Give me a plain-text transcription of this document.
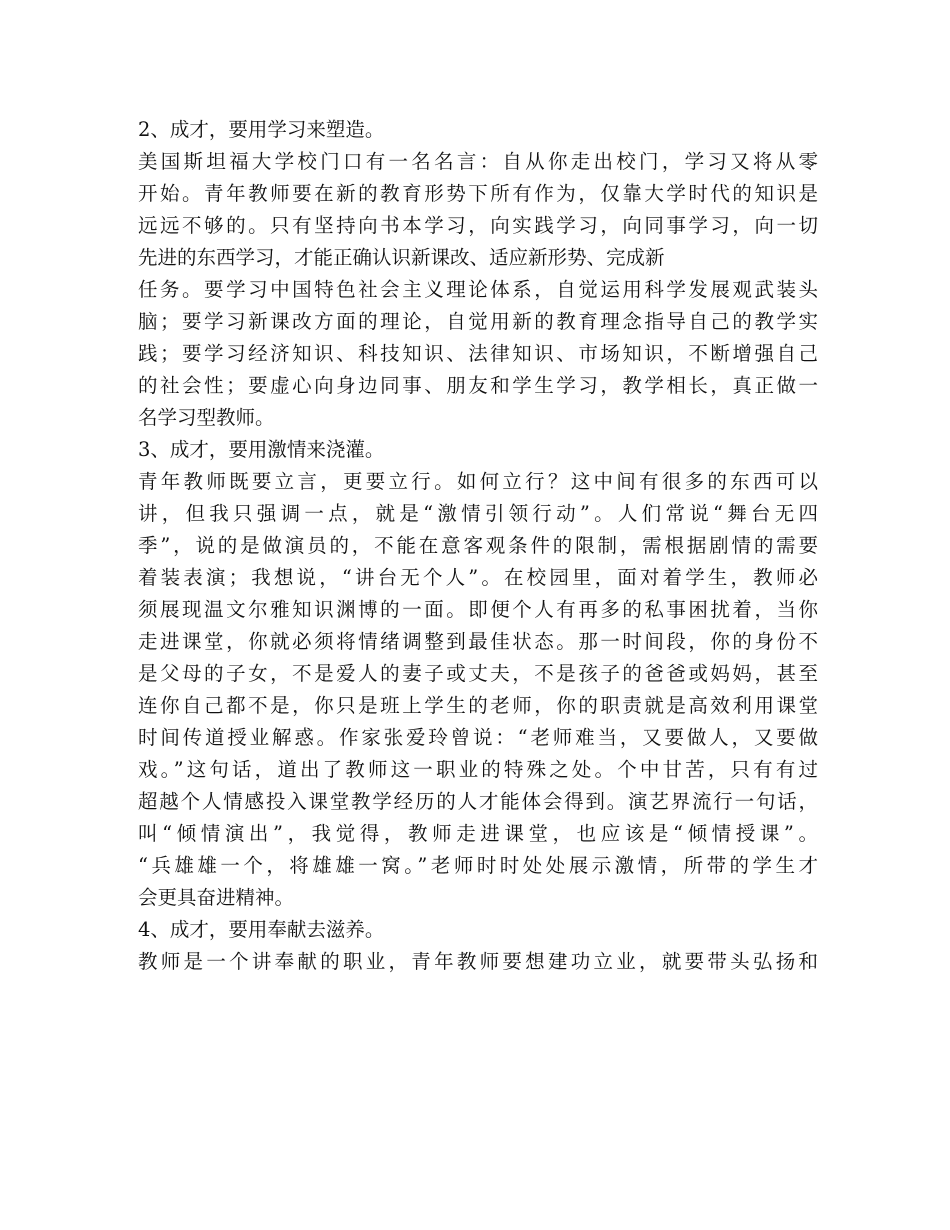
2、成才，要用学习来塑造。
美国斯坦福大学校门口有一名名言：自从你走出校门，学习又将从零
开始。青年教师要在新的教育形势下所有作为，仅靠大学时代的知识是
远远不够的。只有坚持向书本学习，向实践学习，向同事学习，向一切
先进的东西学习，才能正确认识新课改、适应新形势、完成新
任务。要学习中国特色社会主义理论体系，自觉运用科学发展观武装头
脑；要学习新课改方面的理论，自觉用新的教育理念指导自己的教学实
践；要学习经济知识、科技知识、法律知识、市场知识，不断增强自己
的社会性；要虚心向身边同事、朋友和学生学习，教学相长，真正做一
名学习型教师。
3、成才，要用激情来浇灌。
青年教师既要立言，更要立行。如何立行？这中间有很多的东西可以
讲，但我只强调一点，就是“激情引领行动”。人们常说“舞台无四
季”，说的是做演员的，不能在意客观条件的限制，需根据剧情的需要
着装表演；我想说，“讲台无个人”。在校园里，面对着学生，教师必
须展现温文尔雅知识渊博的一面。即便个人有再多的私事困扰着，当你
走进课堂，你就必须将情绪调整到最佳状态。那一时间段，你的身份不
是父母的子女，不是爱人的妻子或丈夫，不是孩子的爸爸或妈妈，甚至
连你自己都不是，你只是班上学生的老师，你的职责就是高效利用课堂
时间传道授业解惑。作家张爱玲曾说：“老师难当，又要做人，又要做
戏。”这句话，道出了教师这一职业的特殊之处。个中甘苦，只有有过
超越个人情感投入课堂教学经历的人才能体会得到。演艺界流行一句话，
叫“倾情演出”，我觉得，教师走进课堂，也应该是“倾情授课”。
“兵雄雄一个，将雄雄一窝。”老师时时处处展示激情，所带的学生才
会更具奋进精神。
4、成才，要用奉献去滋养。
教师是一个讲奉献的职业，青年教师要想建功立业，就要带头弘扬和
